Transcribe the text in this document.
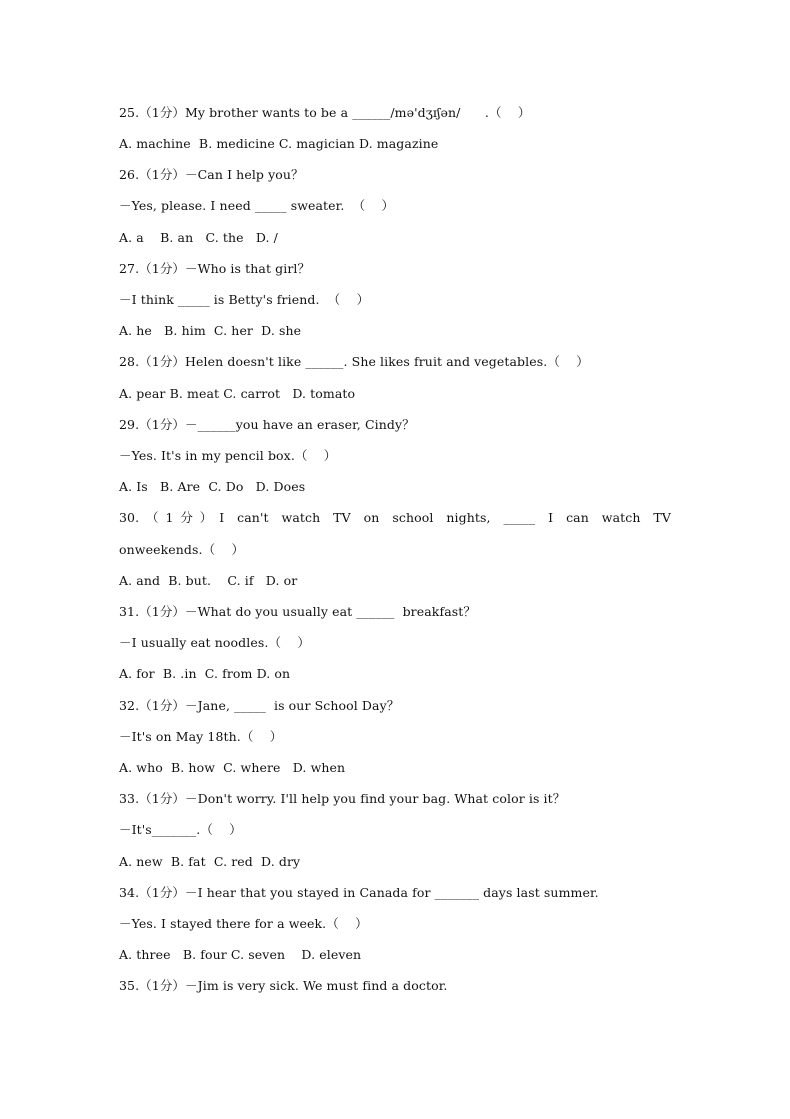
25.（1分）My brother wants to be a ______/mə'dʒɪʃən/      .（    ）
A. machine  B. medicine C. magician D. magazine
26.（1分）－Can I help you？
－Yes, please. I need _____ sweater.  （    ）
A. a    B. an   C. the   D. /
27.（1分）－Who is that girl？
－I think _____ is Betty's friend.  （    ）
A. he   B. him  C. her  D. she
28.（1分）Helen doesn't like ______. She likes fruit and vegetables.（    ）
A. pear B. meat C. carrot   D. tomato
29.（1分）－______you have an eraser, Cindy？
－Yes. It's in my pencil box.（    ）
A. Is   B. Are  C. Do   D. Does
30.（1分）I can't watch TV on school nights, _____ I can watch TV
onweekends.（    ）
A. and  B. but.    C. if   D. or
31.（1分）－What do you usually eat ______  breakfast？
－I usually eat noodles.（    ）
A. for  B. .in  C. from D. on
32.（1分）－Jane, _____  is our School Day？
－It's on May 18th.（    ）
A. who  B. how  C. where   D. when
33.（1分）－Don't worry. I'll help you find your bag. What color is it？
－It's_______.（    ）
A. new  B. fat  C. red  D. dry
34.（1分）－I hear that you stayed in Canada for _______ days last summer.
－Yes. I stayed there for a week.（    ）
A. three   B. four C. seven    D. eleven
35.（1分）－Jim is very sick. We must find a doctor.
